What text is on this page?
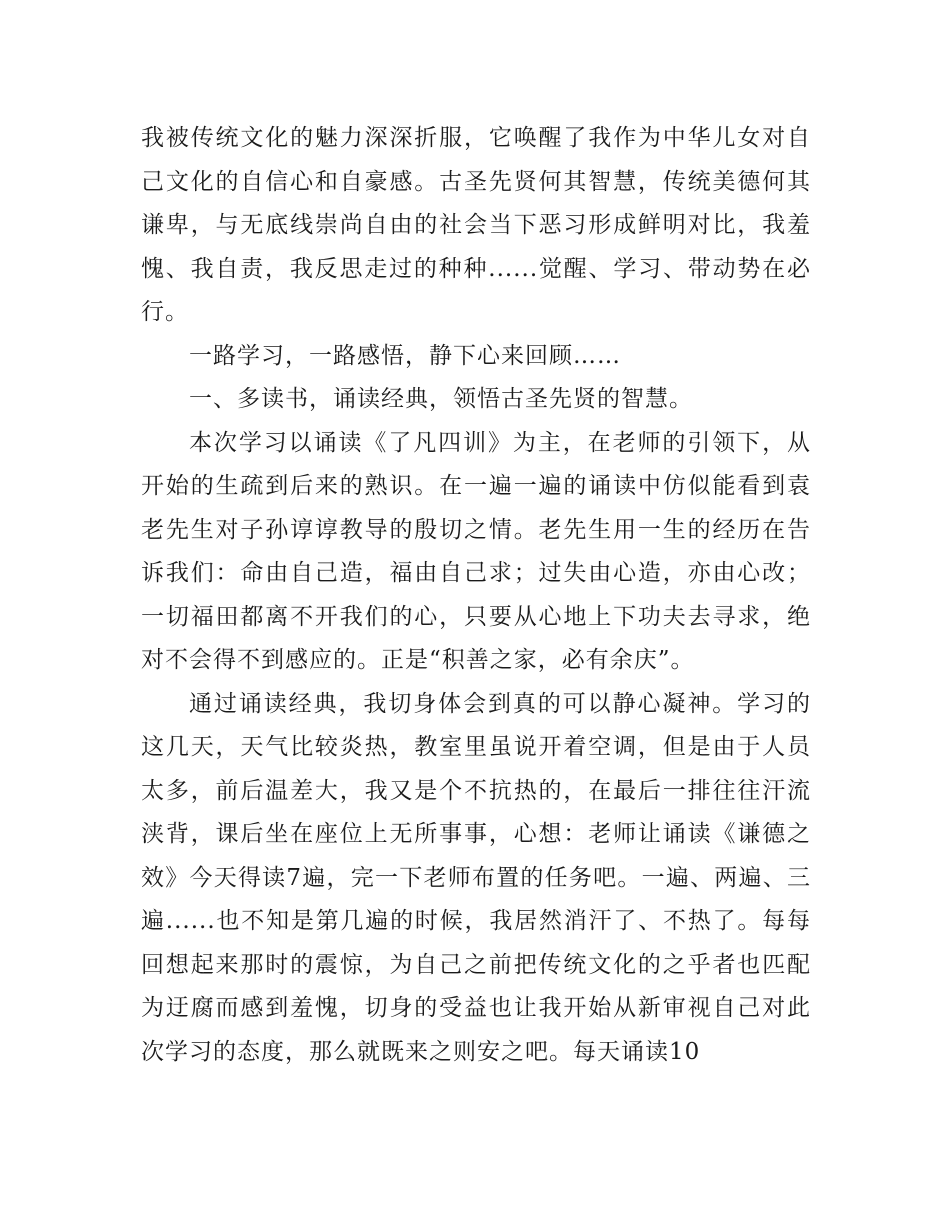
我被传统文化的魅力深深折服，它唤醒了我作为中华儿女对自己文化的自信心和自豪感。古圣先贤何其智慧，传统美德何其谦卑，与无底线崇尚自由的社会当下恶习形成鲜明对比，我羞愧、我自责，我反思走过的种种......觉醒、学习、带动势在必行。

一路学习，一路感悟，静下心来回顾……

一、多读书，诵读经典，领悟古圣先贤的智慧。

本次学习以诵读《了凡四训》为主，在老师的引领下，从开始的生疏到后来的熟识。在一遍一遍的诵读中仿似能看到袁老先生对子孙谆谆教导的殷切之情。老先生用一生的经历在告诉我们：命由自己造，福由自己求；过失由心造，亦由心改；一切福田都离不开我们的心，只要从心地上下功夫去寻求，绝对不会得不到感应的。正是“积善之家，必有余庆”。

通过诵读经典，我切身体会到真的可以静心凝神。学习的这几天，天气比较炎热，教室里虽说开着空调，但是由于人员太多，前后温差大，我又是个不抗热的，在最后一排往往汗流浃背，课后坐在座位上无所事事，心想：老师让诵读《谦德之效》今天得读7遍，完一下老师布置的任务吧。一遍、两遍、三遍......也不知是第几遍的时候，我居然消汗了、不热了。每每回想起来那时的震惊，为自己之前把传统文化的之乎者也匹配为迂腐而感到羞愧，切身的受益也让我开始从新审视自己对此次学习的态度，那么就既来之则安之吧。每天诵读10
